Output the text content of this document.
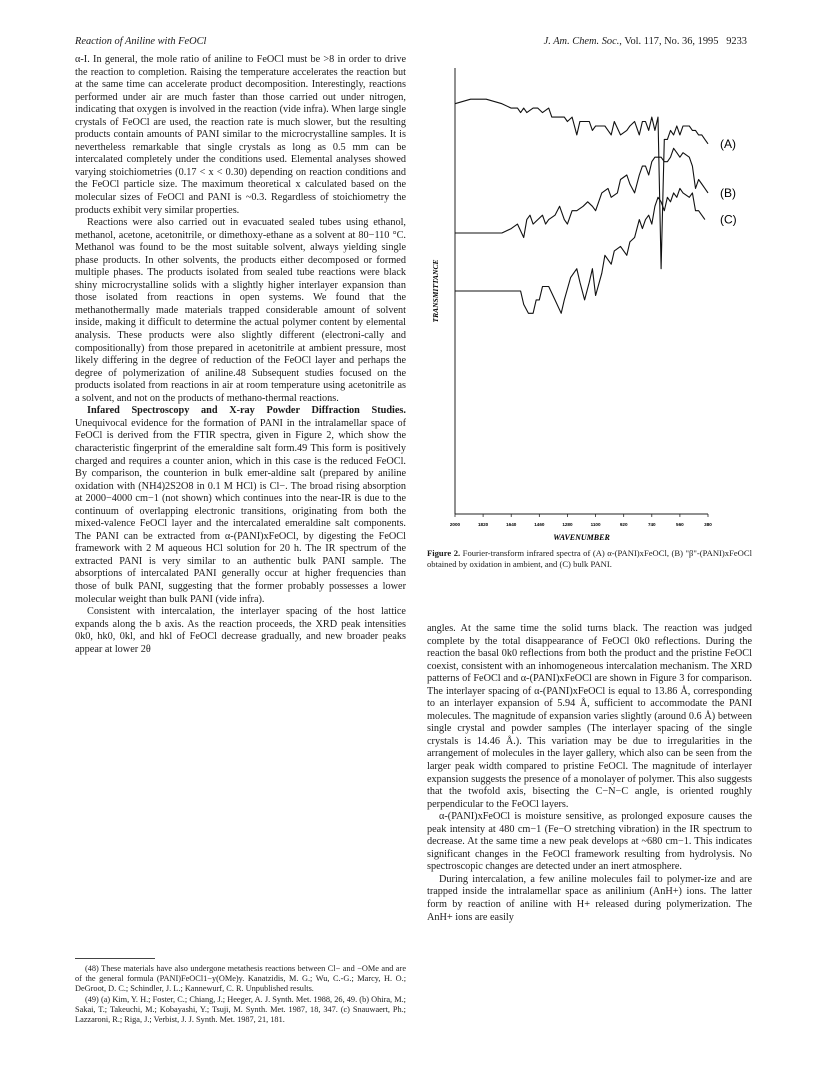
Reaction of Aniline with FeOCl	J. Am. Chem. Soc., Vol. 117, No. 36, 1995 9233

α-I. In general, the mole ratio of aniline to FeOCl must be >8 in order to drive the reaction to completion. Raising the temperature accelerates the reaction but at the same time can accelerate product decomposition. Interestingly, reactions performed under air are much faster than those carried out under nitrogen, indicating that oxygen is involved in the reaction (vide infra). When large single crystals of FeOCl are used, the reaction rate is much slower, but the resulting products contain amounts of PANI similar to the microcrystalline samples. It is nevertheless remarkable that single crystals as long as 0.5 mm can be intercalated completely under the conditions used. Elemental analyses showed varying stoichiometries (0.17 < x < 0.30) depending on reaction conditions and the FeOCl particle size. The maximum theoretical x calculated based on the molecular sizes of FeOCl and PANI is ~0.3. Regardless of stoichiometry the products exhibit very similar properties.

Reactions were also carried out in evacuated sealed tubes using ethanol, methanol, acetone, acetonitrile, or dimethoxy-ethane as a solvent at 80−110 °C. Methanol was found to be the most suitable solvent, always yielding single phase products. In other solvents, the products either decomposed or formed multiple phases. The products isolated from sealed tube reactions were black shiny microcrystalline solids with a slightly higher interlayer expansion than those isolated from reactions in open systems. We found that the methanothermally made materials trapped considerable amount of solvent inside, making it difficult to determine the actual polymer content by elemental analysis. These products were also slightly different (electroni-cally and compositionally) from those prepared in acetonitrile at ambient pressure, most likely differing in the degree of reduction of the FeOCl layer and perhaps the degree of polymerization of aniline.48 Subsequent studies focused on the products isolated from reactions in air at room temperature using acetonitrile as a solvent, and not on the products of methano-thermal reactions.

Infared Spectroscopy and X-ray Powder Diffraction Studies. Unequivocal evidence for the formation of PANI in the intralamellar space of FeOCl is derived from the FTIR spectra, given in Figure 2, which show the characteristic fingerprint of the emeraldine salt form.49 This form is positively charged and requires a counter anion, which in this case is the reduced FeOCl. By comparison, the counterion in bulk emer-aldine salt (prepared by aniline oxidation with (NH4)2S2O8 in 0.1 M HCl) is Cl−. The broad rising absorption at 2000−4000 cm−1 (not shown) which continues into the near-IR is due to the continuum of overlapping electronic transitions, originating from both the mixed-valence FeOCl layer and the intercalated emeraldine salt components. The PANI can be extracted from α-(PANI)xFeOCl, by digesting the FeOCl framework with 2 M aqueous HCl solution for 20 h. The IR spectrum of the extracted PANI is very similar to an authentic bulk PANI sample. The absorptions of intercalated PANI generally occur at higher frequencies than those of bulk PANI, suggesting that the former probably possesses a lower molecular weight than bulk PANI (vide infra).

Consistent with intercalation, the interlayer spacing of the host lattice expands along the b axis. As the reaction proceeds, the XRD peak intensities 0k0, hk0, 0kl, and hkl of FeOCl decrease gradually, and new broader peaks appear at lower 2θ

(48) These materials have also undergone metathesis reactions between Cl− and −OMe and are of the general formula (PANI)FeOCl1−y(OMe)y. Kanatzidis, M. G.; Wu, C.-G.; Marcy, H. O.; DeGroot, D. C.; Schindler, J. L.; Kannewurf, C. R. Unpublished results.

(49) (a) Kim, Y. H.; Foster, C.; Chiang, J.; Heeger, A. J. Synth. Met. 1988, 26, 49. (b) Ohira, M.; Sakai, T.; Takeuchi, M.; Kobayashi, Y.; Tsuji, M. Synth. Met. 1987, 18, 347. (c) Snauwaert, Ph.; Lazzaroni, R.; Riga, J.; Verbist, J. J. Synth. Met. 1987, 21, 181.

TRANSMITTANCE
2000	1820	1640	1460	1280	1100	920	740	560	380
WAVENUMBER
(A)
(B)
(C)
Figure 2. Fourier-transform infrared spectra of (A) α-(PANI)xFeOCl, (B) "β"-(PANI)xFeOCl obtained by oxidation in ambient, and (C) bulk PANI.

angles. At the same time the solid turns black. The reaction was judged complete by the total disappearance of FeOCl 0k0 reflections. During the reaction the basal 0k0 reflections from both the product and the pristine FeOCl coexist, consistent with an inhomogeneous intercalation mechanism. The XRD patterns of FeOCl and α-(PANI)xFeOCl are shown in Figure 3 for comparison. The interlayer spacing of α-(PANI)xFeOCl is equal to 13.86 Å, corresponding to an interlayer expansion of 5.94 Å, sufficient to accommodate the PANI molecules. The magnitude of expansion varies slightly (around 0.6 Å) between single crystal and powder samples (The interlayer spacing of the single crystals is 14.46 Å.). This variation may be due to irregularities in the arrangement of molecules in the layer gallery, which also can be seen from the larger peak width compared to pristine FeOCl. The magnitude of interlayer expansion suggests the presence of a monolayer of polymer. This also suggests that the twofold axis, bisecting the C−N−C angle, is oriented roughly perpendicular to the FeOCl layers.

α-(PANI)xFeOCl is moisture sensitive, as prolonged exposure causes the peak intensity at 480 cm−1 (Fe−O stretching vibration) in the IR spectrum to decrease. At the same time a new peak develops at ~680 cm−1. This indicates significant changes in the FeOCl framework resulting from hydrolysis. No spectroscopic changes are detected under an inert atmosphere.

During intercalation, a few aniline molecules fail to polymer-ize and are trapped inside the intralamellar space as anilinium (AnH+) ions. The latter form by reaction of aniline with H+ released during polymerization. The AnH+ ions are easily
